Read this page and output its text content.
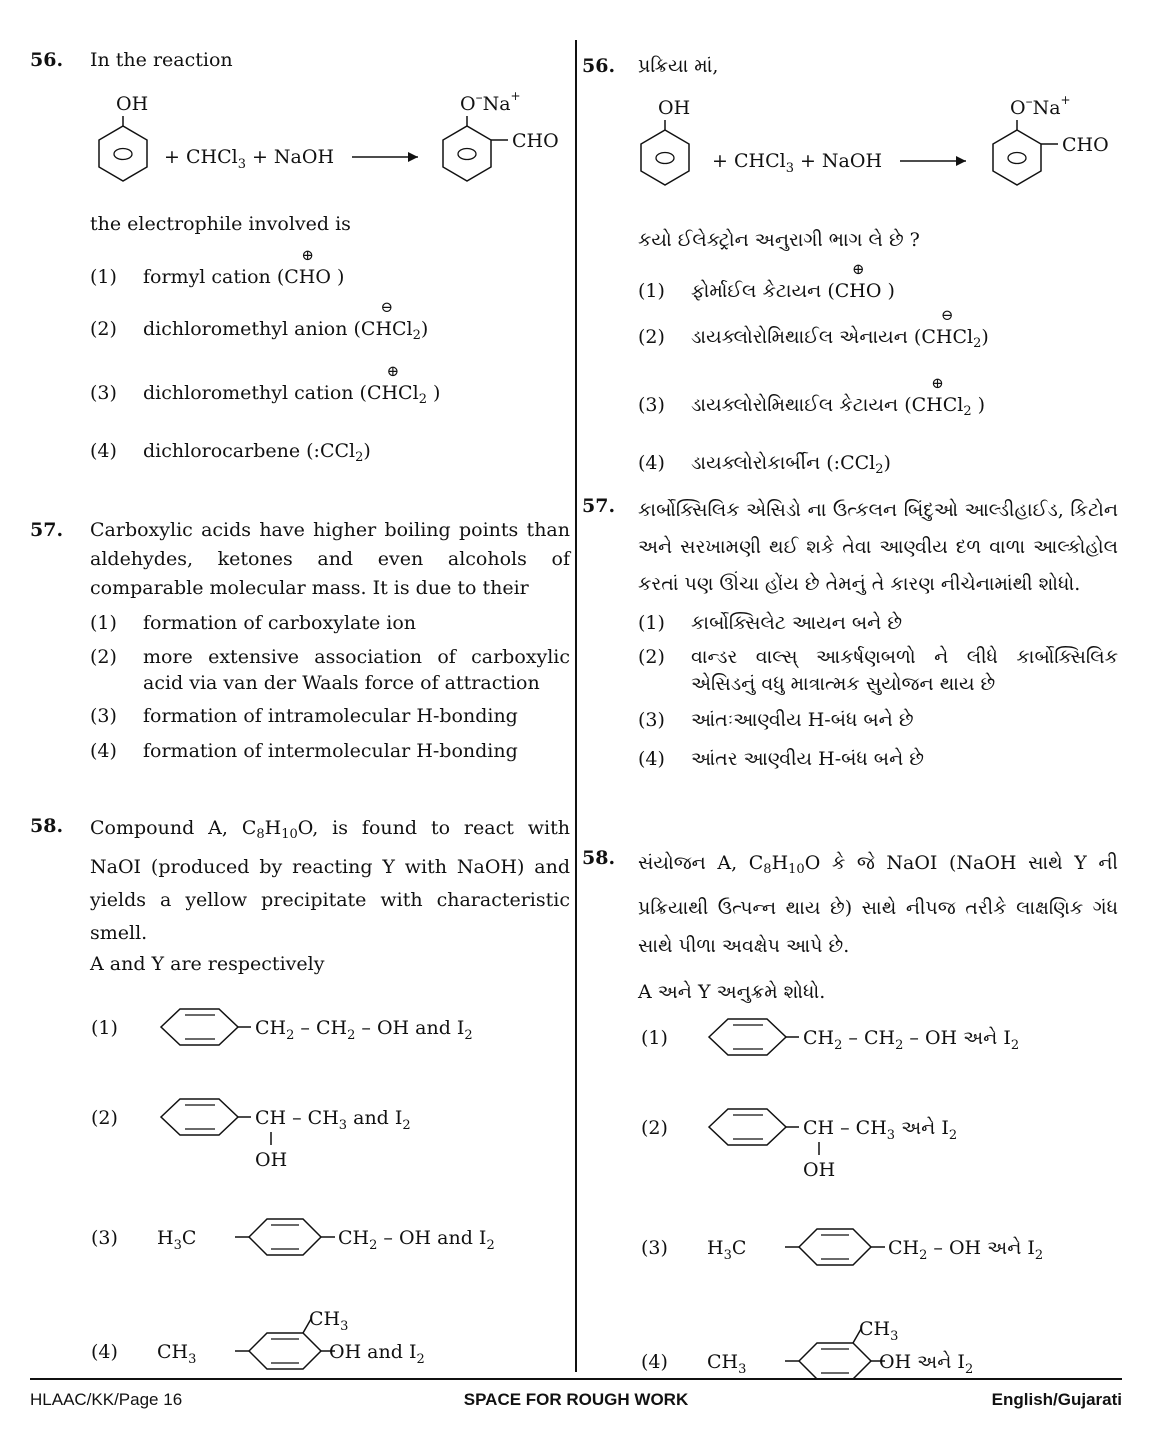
56. In the reaction
OH
+ CHCl$_3$ + NaOH
O–Na+
CHO
the electrophile involved is
(1) formyl cation (
⊕
CHO )
(2) dichloromethyl anion (
⊖
CHCl$_2$)
(3) dichloromethyl cation (
⊕
CHCl$_2$ )
(4) dichlorocarbene (:CCl$_2$)
57. Carboxylic acids have higher boiling points than aldehydes, ketones and even alcohols of comparable molecular mass. It is due to their
(1) formation of carboxylate ion
(2) more extensive association of carboxylic acid via van der Waals force of attraction
(3) formation of intramolecular H-bonding
(4) formation of intermolecular H-bonding
58. Compound A, $C_8H_{10}O$, is found to react with NaOI (produced by reacting Y with NaOH) and yields a yellow precipitate with characteristic smell.
A and Y are respectively
(1)	$CH_2 - CH_2$ – OH and $I_2$
(2)	CH – $CH_3$ and $I_2$
OH
(3) $H_3C$	$CH_2$ – OH and $I_2$
(4) $CH_3$
$CH_3$
OH and $I_2$
56. પ્રક્રિયા માં,
OH
+ CHCl$_3$ + NaOH
O–Na+
CHO
કયો ઈલેક્ટ્રોન અનુરાગી ભાગ લે છે ?
(1) ફોર્માઈલ કેટાયન (
⊕
CHO )
(2) ડાયક્લોરોમિથાઈલ એનાયન (
⊖
CHCl$_2$)
(3) ડાયક્લોરોમિથાઈલ કેટાયન (
⊕
CHCl$_2$ )
(4) ડાયક્લોરોકાર્બીન (:CCl$_2$)
57. કાર્બોક્સિલિક એસિડો ના ઉત્કલન બિંદુઓ આલ્ડીહાઈડ, કિટોન અને સરખામણી થઈ શકે તેવા આણ્વીય દળ વાળા આલ્કોહોલ કરતાં પણ ઊંચા હોંય છે તેમનું તે કારણ નીચેનામાંથી શોધો.
(1) કાર્બોક્સિલેટ આયન બને છે
(2) વાન્ડર વાલ્સ્ આકર્ષણબળો ને લીધે કાર્બોક્સિલિક એસિડનું વધુ માત્રાત્મક સુયોજન થાય છે
(3) આંતઃઆણ્વીય H-બંધ બને છે
(4) આંતર આણ્વીય H-બંધ બને છે
58. સંયોજન A, $C_8H_{10}O$ કે જે NaOI (NaOH સાથે Y ની પ્રક્રિયાથી ઉત્પન્ન થાય છે) સાથે નીપજ તરીકે લાક્ષણિક ગંધ સાથે પીળા અવક્ષેપ આપે છે.
A અને Y અનુક્રમે શોધો.
(1)	$CH_2 - CH_2$ – OH અને $I_2$
(2)	CH – $CH_3$ અને $I_2$
OH
(3) $H_3C$	$CH_2$ – OH અને $I_2$
(4) $CH_3$
$CH_3$
OH અને $I_2$
HLAAC/KK/Page 16	SPACE FOR ROUGH WORK	English/Gujarati
